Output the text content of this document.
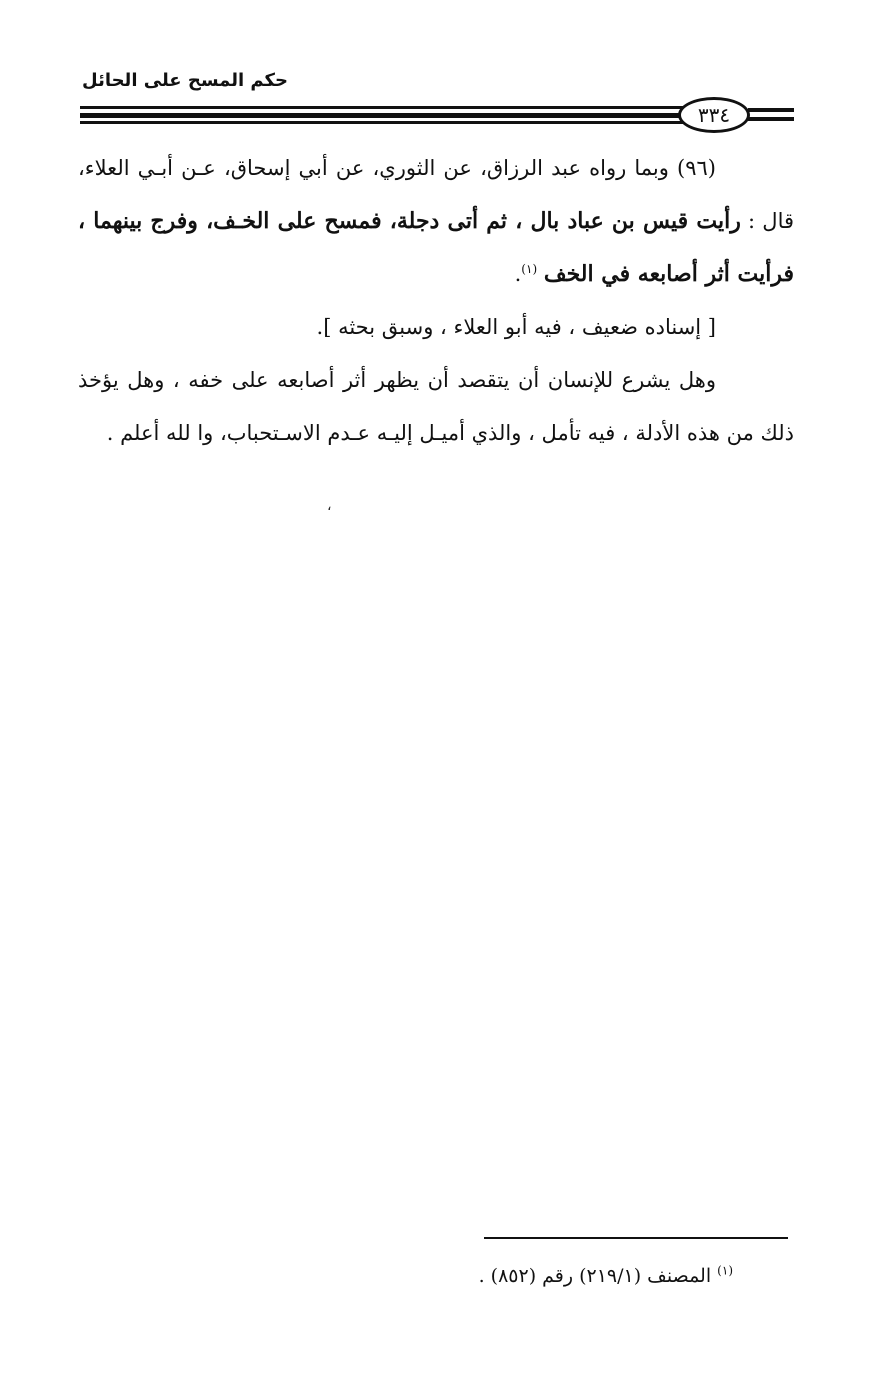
حكم المسح على الحائل
٣٣٤

(٩٦) وبما رواه عبد الرزاق، عن الثوري، عن أبي إسحاق، عـن أبـي العلاء، قال : رأيت قيس بن عباد بال ، ثم أتى دجلة، فمسح على الخـف، وفرج بينهما ، فرأيت أثر أصابعه في الخف $^{(١)}$.

[ إسناده ضعيف ، فيه أبو العلاء ، وسبق بحثه ].

وهل يشرع للإنسان أن يتقصد أن يظهر أثر أصابعه على خفه ، وهل يؤخذ ذلك من هذه الأدلة ، فيه تأمل ، والذي أميـل إليـه عـدم الاسـتحباب، وا لله أعلم .

،
$^{(١)}$ المصنف (٢١٩/١) رقم (٨٥٢) .
